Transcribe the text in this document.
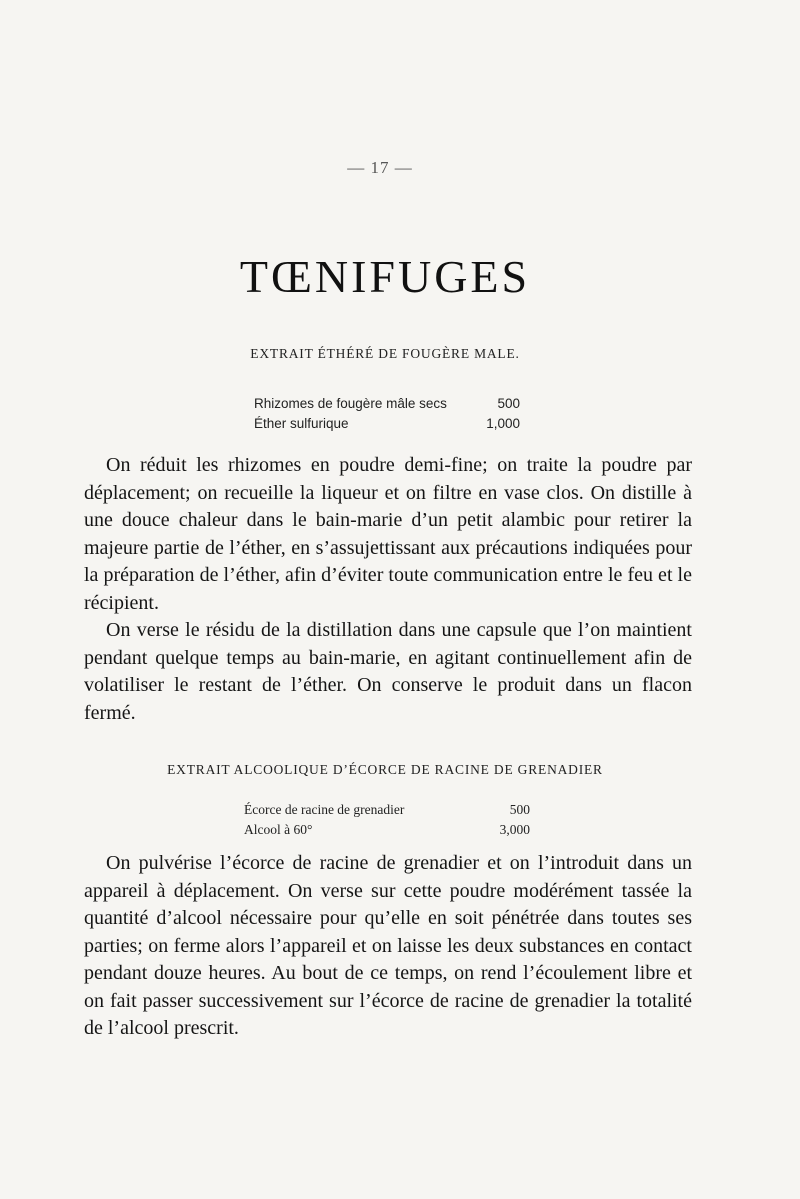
— 17 —
TŒNIFUGES
EXTRAIT ÉTHÉRÉ DE FOUGÈRE MALE.
Rhizomes de fougère mâle secs	500
Éther sulfurique	1,000

On réduit les rhizomes en poudre demi-fine; on traite la poudre par déplacement; on recueille la liqueur et on filtre en vase clos. On distille à une douce chaleur dans le bain-marie d’un petit alambic pour retirer la majeure partie de l’éther, en s’assujettissant aux précautions indiquées pour la préparation de l’éther, afin d’éviter toute communication entre le feu et le récipient.

On verse le résidu de la distillation dans une capsule que l’on maintient pendant quelque temps au bain-marie, en agitant continuellement afin de volatiliser le restant de l’éther. On conserve le produit dans un flacon fermé.

EXTRAIT ALCOOLIQUE D’ÉCORCE DE RACINE DE GRENADIER
Écorce de racine de grenadier	500
Alcool à 60°	3,000

On pulvérise l’écorce de racine de grenadier et on l’introduit dans un appareil à déplacement. On verse sur cette poudre modérément tassée la quantité d’alcool nécessaire pour qu’elle en soit pénétrée dans toutes ses parties; on ferme alors l’appareil et on laisse les deux substances en contact pendant douze heures. Au bout de ce temps, on rend l’écoulement libre et on fait passer successivement sur l’écorce de racine de grenadier la totalité de l’alcool prescrit.
